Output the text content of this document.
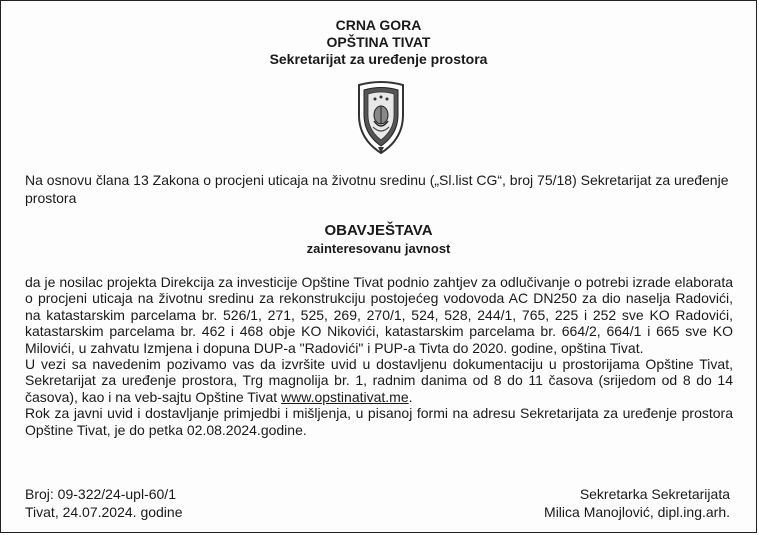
CRNA GORA
OPŠTINA TIVAT
Sekretarijat za uređenje prostora
Na osnovu člana 13 Zakona o procjeni uticaja na životnu sredinu („Sl.list CG“, broj 75/18) Sekretarijat za uređenje prostora
OBAVJEŠTAVA
zainteresovanu javnost

da je nosilac projekta Direkcija za investicije Opštine Tivat podnio zahtjev za odlučivanje o potrebi izrade elaborata o procjeni uticaja na životnu sredinu za rekonstrukciju postojećeg vodovoda AC DN250 za dio naselja Radovići, na katastarskim parcelama br. 526/1, 271, 525, 269, 270/1, 524, 528, 244/1, 765, 225 i 252 sve KO Radovići, katastarskim parcelama br. 462 i 468 obje KO Nikovići, katastarskim parcelama br. 664/2, 664/1 i 665 sve KO Milovići, u zahvatu Izmjena i dopuna DUP-a "Radovići" i PUP-a Tivta do 2020. godine, opština Tivat.

U vezi sa navedenim pozivamo vas da izvršite uvid u dostavljenu dokumentaciju u prostorijama Opštine Tivat, Sekretarijat za uređenje prostora, Trg magnolija br. 1, radnim danima od 8 do 11 časova (srijedom od 8 do 14 časova), kao i na veb-sajtu Opštine Tivat www.opstinativat.me.

Rok za javni uvid i dostavljanje primjedbi i mišljenja, u pisanoj formi na adresu Sekretarijata za uređenje prostora Opštine Tivat, je do petka 02.08.2024.godine.

Broj: 09-322/24-upl-60/1
Tivat, 24.07.2024. godine
Sekretarka Sekretarijata
Milica Manojlović, dipl.ing.arh.
